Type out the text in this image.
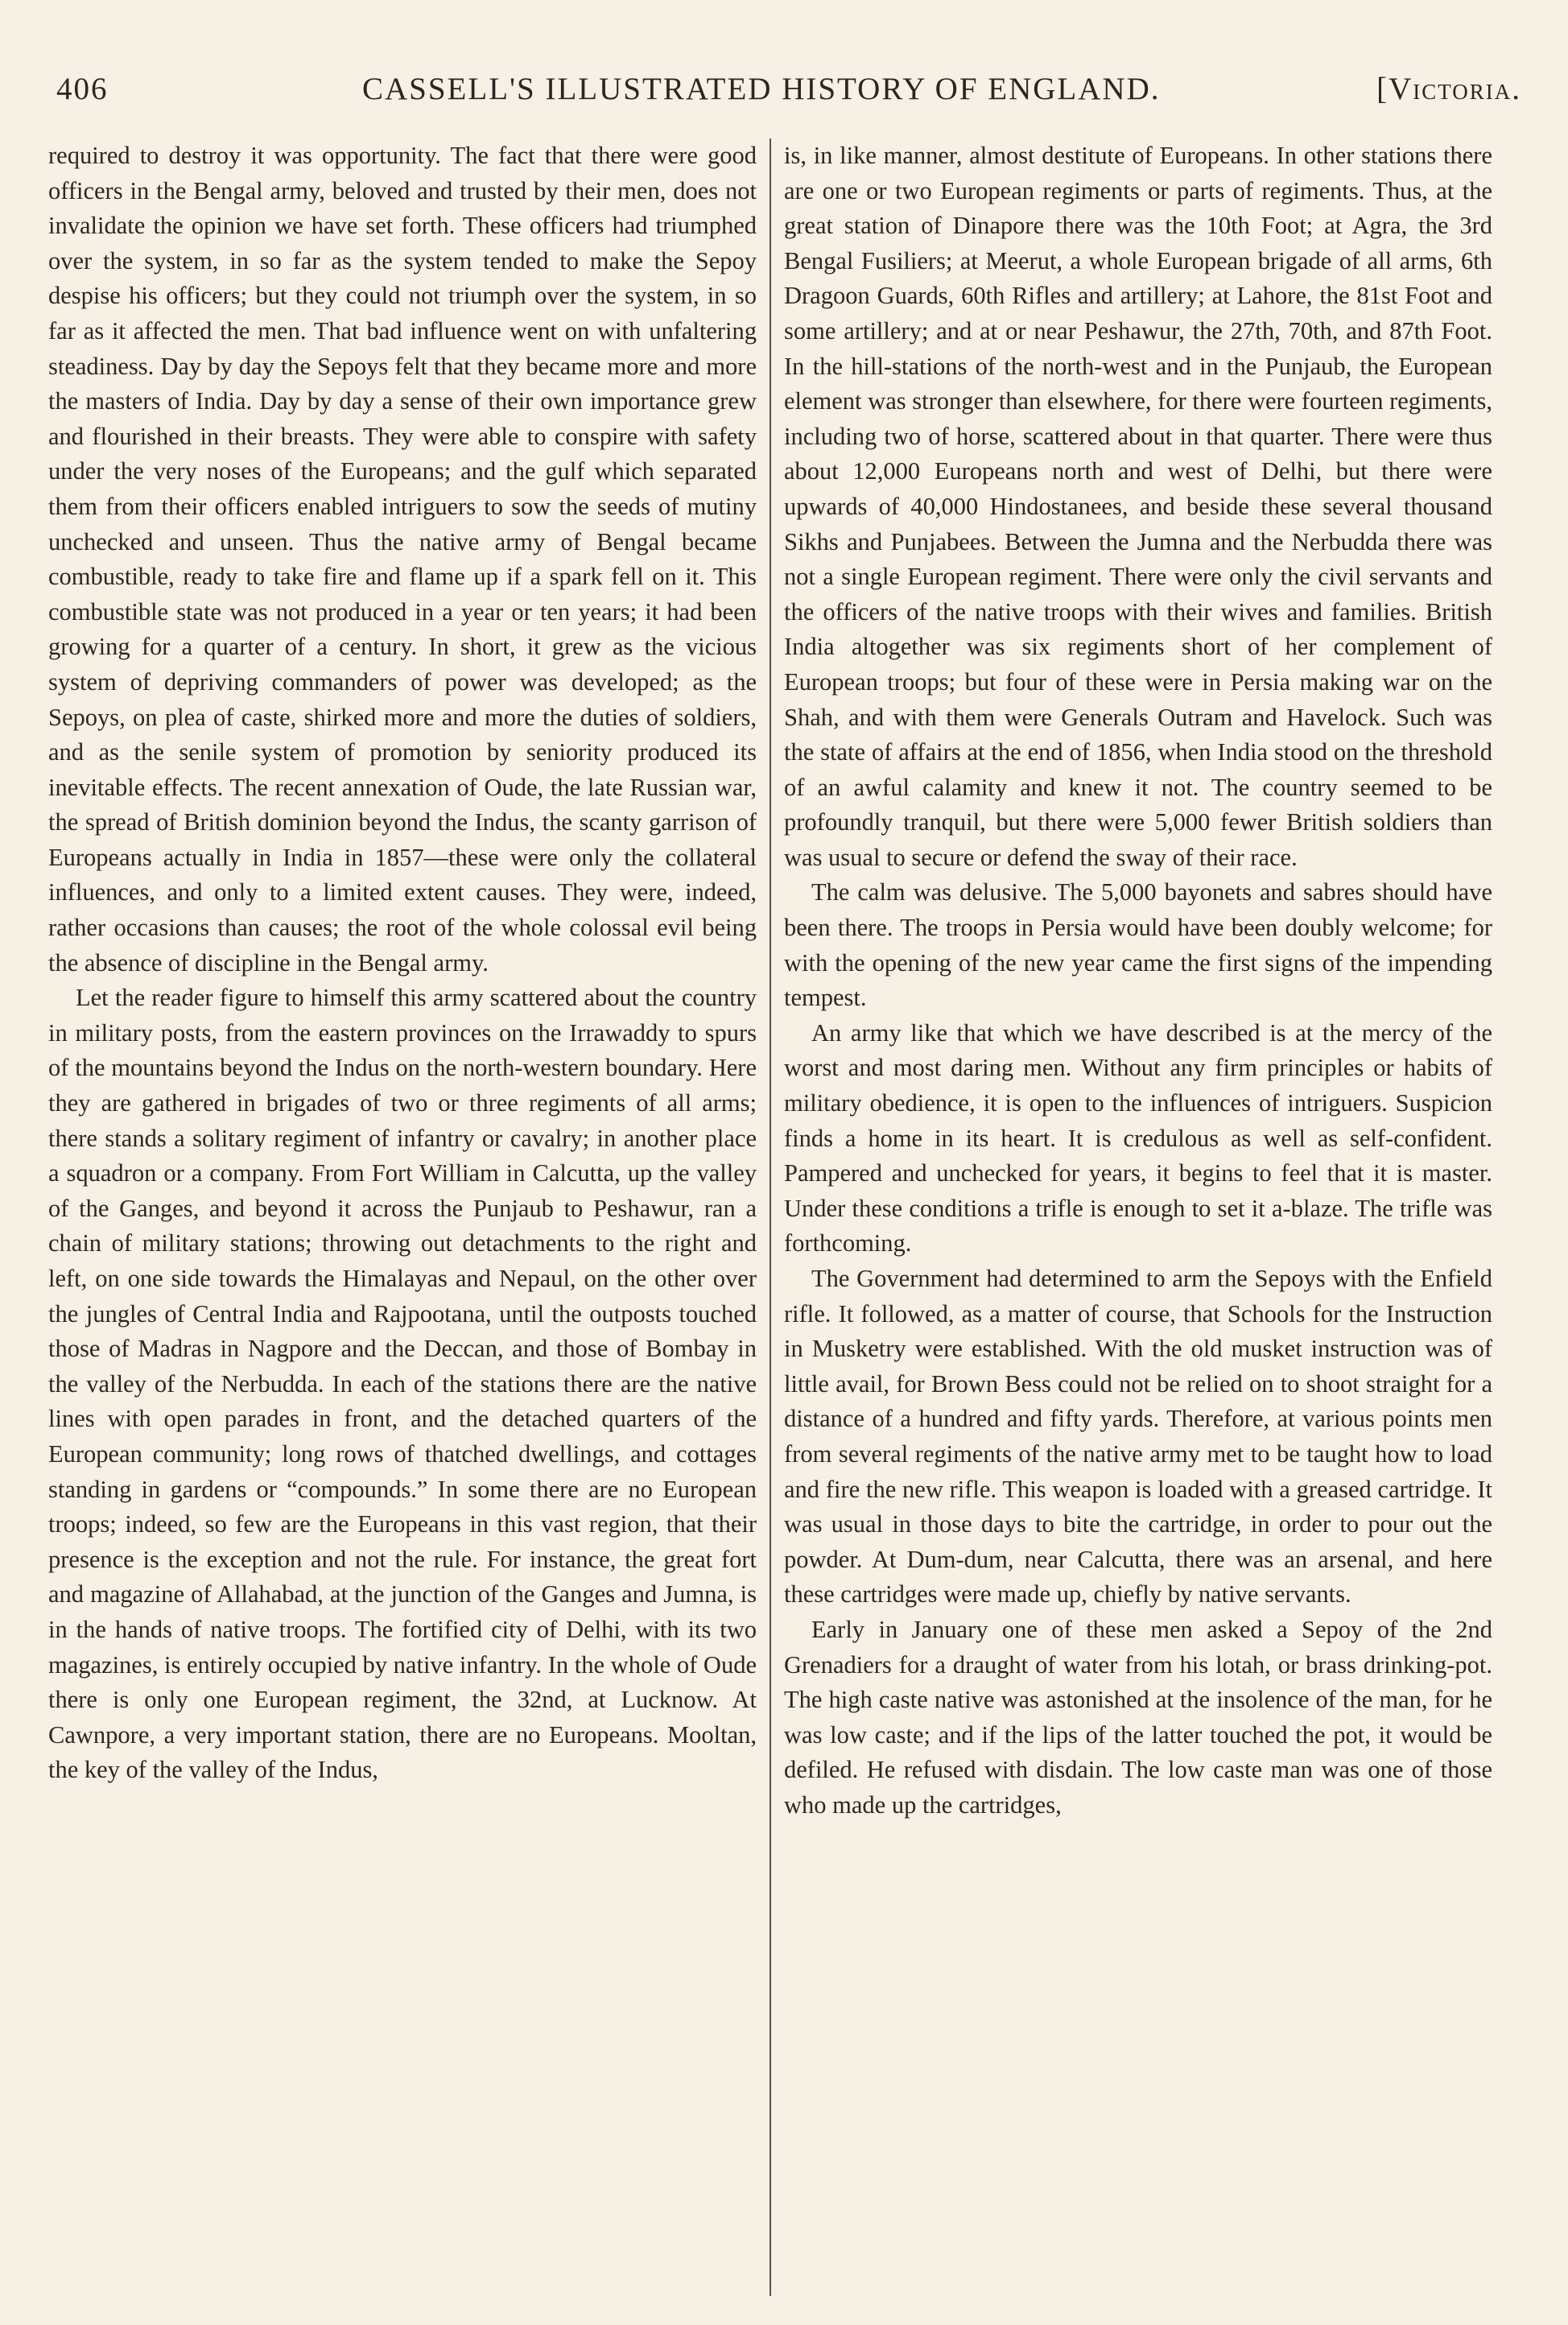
406	CASSELL'S ILLUSTRATED HISTORY OF ENGLAND.	[Victoria.

required to destroy it was opportunity. The fact that there were good officers in the Bengal army, beloved and trusted by their men, does not invalidate the opinion we have set forth. These officers had triumphed over the system, in so far as the system tended to make the Sepoy despise his officers; but they could not triumph over the system, in so far as it affected the men. That bad influence went on with unfaltering steadiness. Day by day the Sepoys felt that they became more and more the masters of India. Day by day a sense of their own importance grew and flourished in their breasts. They were able to conspire with safety under the very noses of the Europeans; and the gulf which separated them from their officers enabled intriguers to sow the seeds of mutiny unchecked and unseen. Thus the native army of Bengal became combustible, ready to take fire and flame up if a spark fell on it. This combustible state was not produced in a year or ten years; it had been growing for a quarter of a century. In short, it grew as the vicious system of depriving commanders of power was developed; as the Sepoys, on plea of caste, shirked more and more the duties of soldiers, and as the senile system of promotion by seniority produced its inevitable effects. The recent annexation of Oude, the late Russian war, the spread of British dominion beyond the Indus, the scanty garrison of Europeans actually in India in 1857—these were only the collateral influences, and only to a limited extent causes. They were, indeed, rather occasions than causes; the root of the whole colossal evil being the absence of discipline in the Bengal army.

Let the reader figure to himself this army scattered about the country in military posts, from the eastern provinces on the Irrawaddy to spurs of the mountains beyond the Indus on the north-western boundary. Here they are gathered in brigades of two or three regiments of all arms; there stands a solitary regiment of infantry or cavalry; in another place a squadron or a company. From Fort William in Calcutta, up the valley of the Ganges, and beyond it across the Punjaub to Peshawur, ran a chain of military stations; throwing out detachments to the right and left, on one side towards the Himalayas and Nepaul, on the other over the jungles of Central India and Rajpootana, until the outposts touched those of Madras in Nagpore and the Deccan, and those of Bombay in the valley of the Nerbudda. In each of the stations there are the native lines with open parades in front, and the detached quarters of the European community; long rows of thatched dwellings, and cottages standing in gardens or “compounds.” In some there are no European troops; indeed, so few are the Europeans in this vast region, that their presence is the exception and not the rule. For instance, the great fort and magazine of Allahabad, at the junction of the Ganges and Jumna, is in the hands of native troops. The fortified city of Delhi, with its two magazines, is entirely occupied by native infantry. In the whole of Oude there is only one European regiment, the 32nd, at Lucknow. At Cawnpore, a very important station, there are no Europeans. Mooltan, the key of the valley of the Indus,

is, in like manner, almost destitute of Europeans. In other stations there are one or two European regiments or parts of regiments. Thus, at the great station of Dinapore there was the 10th Foot; at Agra, the 3rd Bengal Fusiliers; at Meerut, a whole European brigade of all arms, 6th Dragoon Guards, 60th Rifles and artillery; at Lahore, the 81st Foot and some artillery; and at or near Peshawur, the 27th, 70th, and 87th Foot. In the hill-stations of the north-west and in the Punjaub, the European element was stronger than elsewhere, for there were fourteen regiments, including two of horse, scattered about in that quarter. There were thus about 12,000 Europeans north and west of Delhi, but there were upwards of 40,000 Hindostanees, and beside these several thousand Sikhs and Punjabees. Between the Jumna and the Nerbudda there was not a single European regiment. There were only the civil servants and the officers of the native troops with their wives and families. British India altogether was six regiments short of her complement of European troops; but four of these were in Persia making war on the Shah, and with them were Generals Outram and Havelock. Such was the state of affairs at the end of 1856, when India stood on the threshold of an awful calamity and knew it not. The country seemed to be profoundly tranquil, but there were 5,000 fewer British soldiers than was usual to secure or defend the sway of their race.

The calm was delusive. The 5,000 bayonets and sabres should have been there. The troops in Persia would have been doubly welcome; for with the opening of the new year came the first signs of the impending tempest.

An army like that which we have described is at the mercy of the worst and most daring men. Without any firm principles or habits of military obedience, it is open to the influences of intriguers. Suspicion finds a home in its heart. It is credulous as well as self-confident. Pampered and unchecked for years, it begins to feel that it is master. Under these conditions a trifle is enough to set it a-blaze. The trifle was forthcoming.

The Government had determined to arm the Sepoys with the Enfield rifle. It followed, as a matter of course, that Schools for the Instruction in Musketry were established. With the old musket instruction was of little avail, for Brown Bess could not be relied on to shoot straight for a distance of a hundred and fifty yards. Therefore, at various points men from several regiments of the native army met to be taught how to load and fire the new rifle. This weapon is loaded with a greased cartridge. It was usual in those days to bite the cartridge, in order to pour out the powder. At Dum-dum, near Calcutta, there was an arsenal, and here these cartridges were made up, chiefly by native servants.

Early in January one of these men asked a Sepoy of the 2nd Grenadiers for a draught of water from his lotah, or brass drinking-pot. The high caste native was astonished at the insolence of the man, for he was low caste; and if the lips of the latter touched the pot, it would be defiled. He refused with disdain. The low caste man was one of those who made up the cartridges,
